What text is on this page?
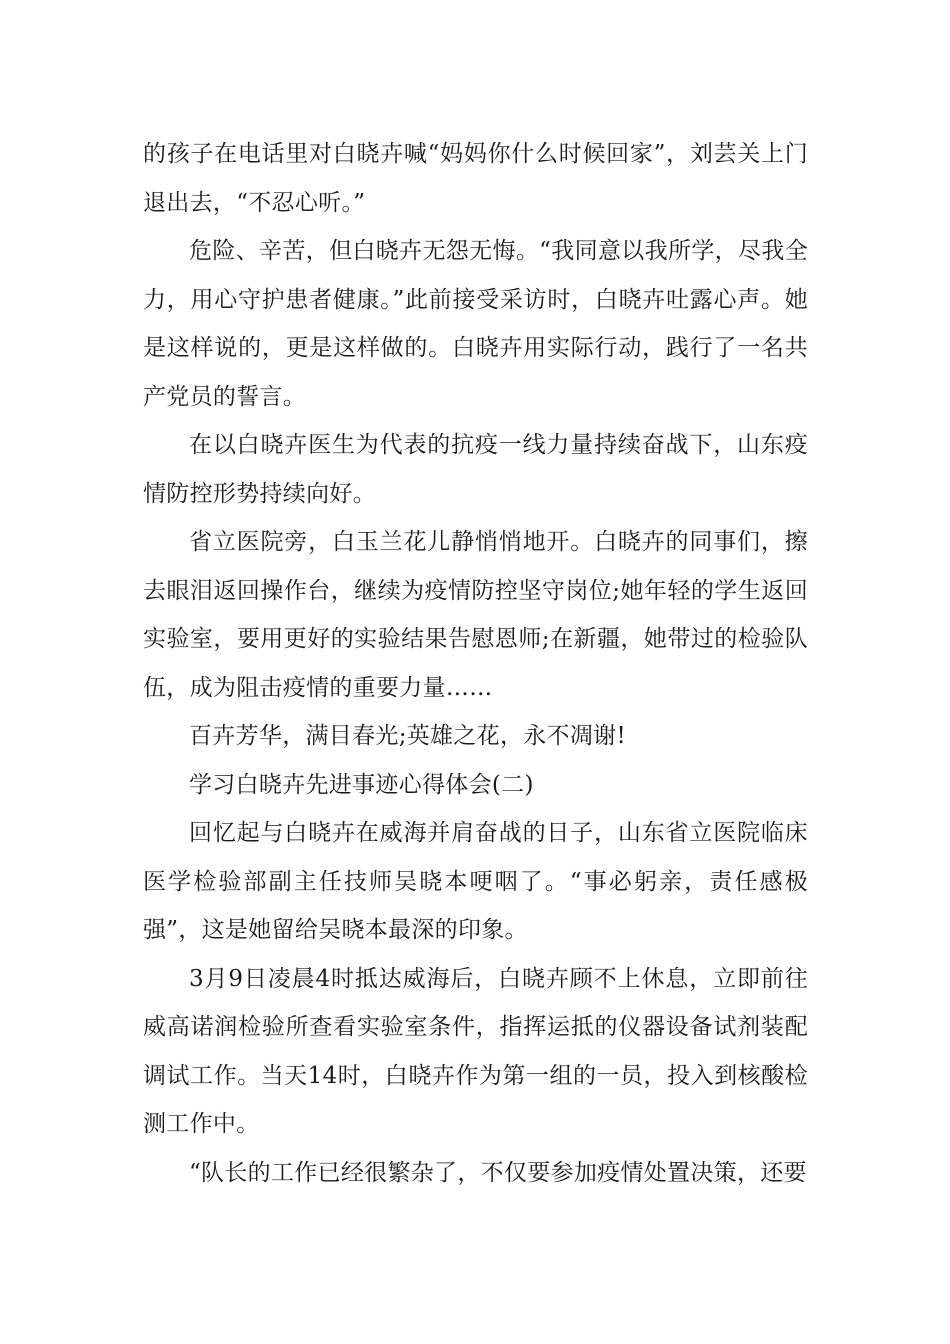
的孩子在电话里对白晓卉喊“妈妈你什么时候回家”，刘芸关上门退出去，“不忍心听。”

危险、辛苦，但白晓卉无怨无悔。“我同意以我所学，尽我全力，用心守护患者健康。”此前接受采访时，白晓卉吐露心声。她是这样说的，更是这样做的。白晓卉用实际行动，践行了一名共产党员的誓言。

在以白晓卉医生为代表的抗疫一线力量持续奋战下，山东疫情防控形势持续向好。

省立医院旁，白玉兰花儿静悄悄地开。白晓卉的同事们，擦去眼泪返回操作台，继续为疫情防控坚守岗位;她年轻的学生返回实验室，要用更好的实验结果告慰恩师;在新疆，她带过的检验队伍，成为阻击疫情的重要力量……

百卉芳华，满目春光;英雄之花，永不凋谢!

学习白晓卉先进事迹心得体会(二)

回忆起与白晓卉在威海并肩奋战的日子，山东省立医院临床医学检验部副主任技师吴晓本哽咽了。“事必躬亲，责任感极强”，这是她留给吴晓本最深的印象。

3月9日凌晨4时抵达威海后，白晓卉顾不上休息，立即前往威高诺润检验所查看实验室条件，指挥运抵的仪器设备试剂装配调试工作。当天14时，白晓卉作为第一组的一员，投入到核酸检测工作中。

“队长的工作已经很繁杂了，不仅要参加疫情处置决策，还要
